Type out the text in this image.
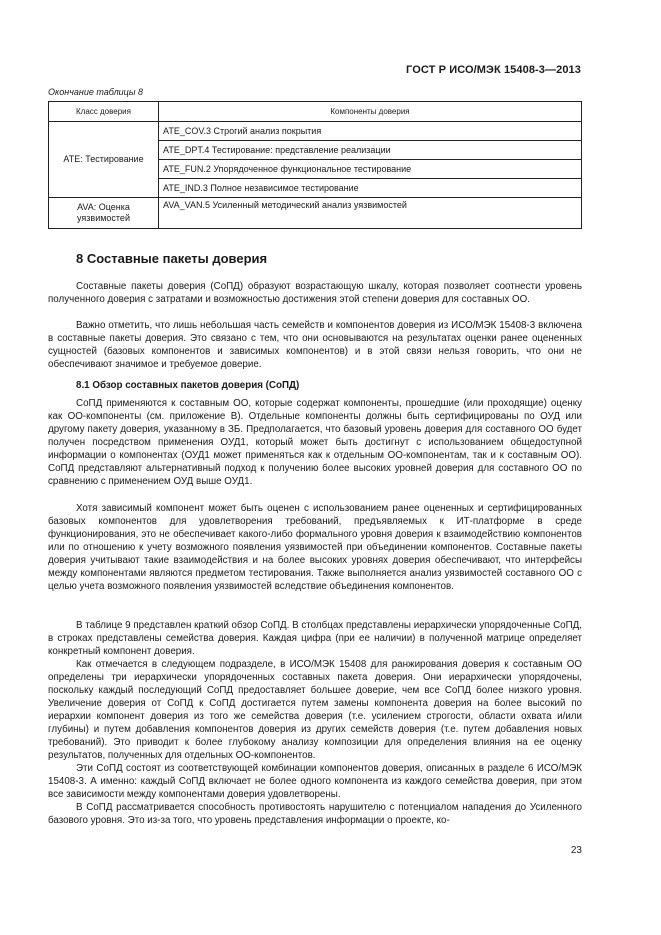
ГОСТ Р ИСО/МЭК 15408-3—2013
Окончание таблицы 8
Класс доверия	Компоненты доверия
ATE: Тестирование	ATE_COV.3 Строгий анализ покрытия
	ATE_DPT.4 Тестирование: представление реализации
	ATE_FUN.2 Упорядоченное функциональное тестирование
	ATE_IND.3 Полное независимое тестирование
AVA: Оценка уязвимостей	AVA_VAN.5 Усиленный методический анализ уязвимостей
8 Составные пакеты доверия

Составные пакеты доверия (СоПД) образуют возрастающую шкалу, которая позволяет соотнести уровень полученного доверия с затратами и возможностью достижения этой степени доверия для составных ОО.

Важно отметить, что лишь небольшая часть семейств и компонентов доверия из ИСО/МЭК 15408-3 включена в составные пакеты доверия. Это связано с тем, что они основываются на результатах оценки ранее оцененных сущностей (базовых компонентов и зависимых компонентов) и в этой связи нельзя говорить, что они не обеспечивают значимое и требуемое доверие.

8.1 Обзор составных пакетов доверия (СоПД)

СоПД применяются к составным ОО, которые содержат компоненты, прошедшие (или проходящие) оценку как ОО-компоненты (см. приложение В). Отдельные компоненты должны быть сертифицированы по ОУД или другому пакету доверия, указанному в ЗБ. Предполагается, что базовый уровень доверия для составного ОО будет получен посредством применения ОУД1, который может быть достигнут с использованием общедоступной информации о компонентах (ОУД1 может применяться как к отдельным ОО-компонентам, так и к составным ОО). СоПД представляют альтернативный подход к получению более высоких уровней доверия для составного ОО по сравнению с применением ОУД выше ОУД1.

Хотя зависимый компонент может быть оценен с использованием ранее оцененных и сертифицированных базовых компонентов для удовлетворения требований, предъявляемых к ИТ-платформе в среде функционирования, это не обеспечивает какого-либо формального уровня доверия к взаимодействию компонентов или по отношению к учету возможного появления уязвимостей при объединении компонентов. Составные пакеты доверия учитывают такие взаимодействия и на более высоких уровнях доверия обеспечивают, что интерфейсы между компонентами являются предметом тестирования. Также выполняется анализ уязвимостей составного ОО с целью учета возможного появления уязвимостей вследствие объединения компонентов.

В таблице 9 представлен краткий обзор СоПД. В столбцах представлены иерархически упорядоченные СоПД, в строках представлены семейства доверия. Каждая цифра (при ее наличии) в полученной матрице определяет конкретный компонент доверия.

Как отмечается в следующем подразделе, в ИСО/МЭК 15408 для ранжирования доверия к составным ОО определены три иерархически упорядоченных составных пакета доверия. Они иерархически упорядочены, поскольку каждый последующий СоПД предоставляет большее доверие, чем все СоПД более низкого уровня. Увеличение доверия от СоПД к СоПД достигается путем замены компонента доверия на более высокий по иерархии компонент доверия из того же семейства доверия (т.е. усилением строгости, области охвата и/или глубины) и путем добавления компонентов доверия из других семейств доверия (т.е. путем добавления новых требований). Это приводит к более глубокому анализу композиции для определения влияния на ее оценку результатов, полученных для отдельных ОО-компонентов.

Эти СоПД состоят из соответствующей комбинации компонентов доверия, описанных в разделе 6 ИСО/МЭК 15408-3. А именно: каждый СоПД включает не более одного компонента из каждого семейства доверия, при этом все зависимости между компонентами доверия удовлетворены.

В СоПД рассматривается способность противостоять нарушителю с потенциалом нападения до Усиленного базового уровня. Это из-за того, что уровень представления информации о проекте, ко-

23
